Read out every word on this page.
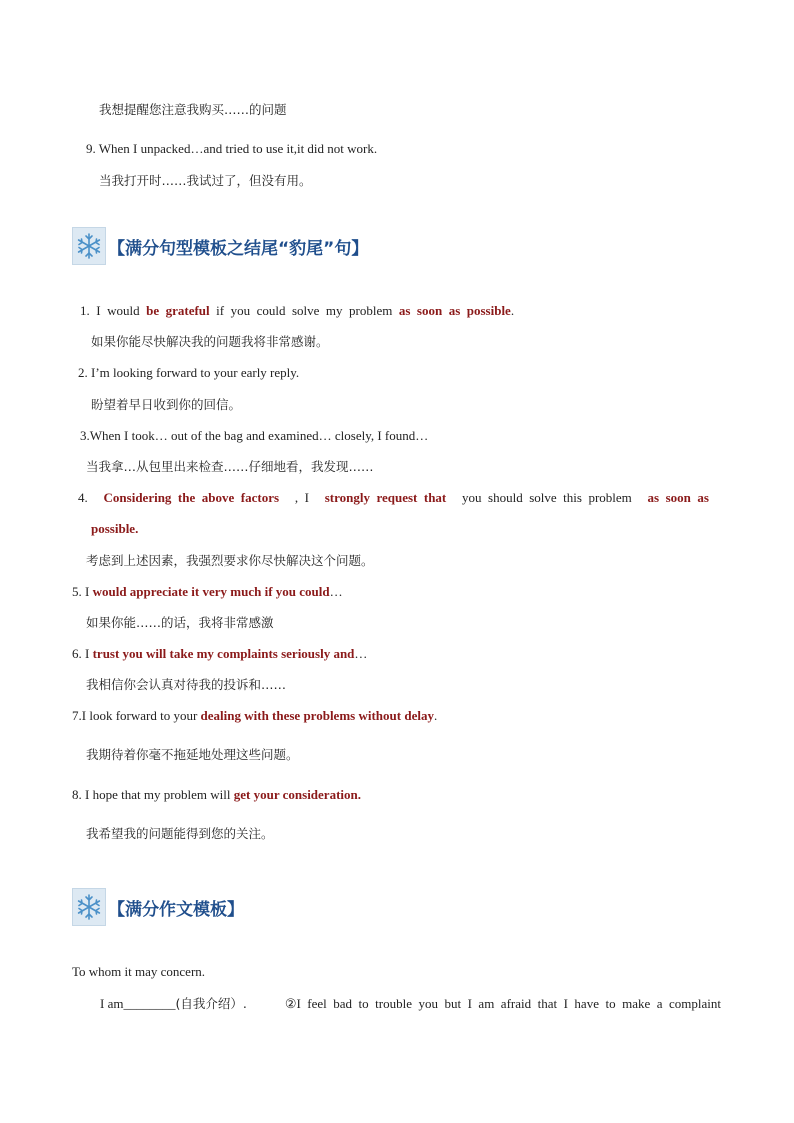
我想提醒您注意我购买……的问题
9. When I unpacked…and tried to use it,it did not work.
当我打开时……我试过了，但没有用。
【满分句型模板之结尾“豹尾”句】
1.  I  would  be  grateful  if  you  could  solve  my  problem  as  soon  as  possible.
如果你能尽快解决我的问题我将非常感谢。
2. I’m looking forward to your early reply.
盼望着早日收到你的回信。
3.When I took… out of the bag and examined… closely, I found…
当我拿…从包里出来检查……仔细地看，我发现……
4. Considering  the  above  factors ,  I strongly  request  that you  should  solve  this  problem as  soon  as
possible.
考虑到上述因素，我强烈要求你尽快解决这个问题。
5. I would appreciate it very much if you could…
如果你能……的话，我将非常感激
6. I trust you will take my complaints seriously and…
我相信你会认真对待我的投诉和……
7.I look forward to your dealing with these problems without delay.
我期待着你毫不拖延地处理这些问题。
8. I hope that my problem will get your consideration.
我希望我的问题能得到您的关注。
【满分作文模板】
To whom it may concern.
I am________(自我介绍）.	②I  feel  bad  to  trouble  you  but  I  am  afraid  that  I  have  to  make  a  complaint
